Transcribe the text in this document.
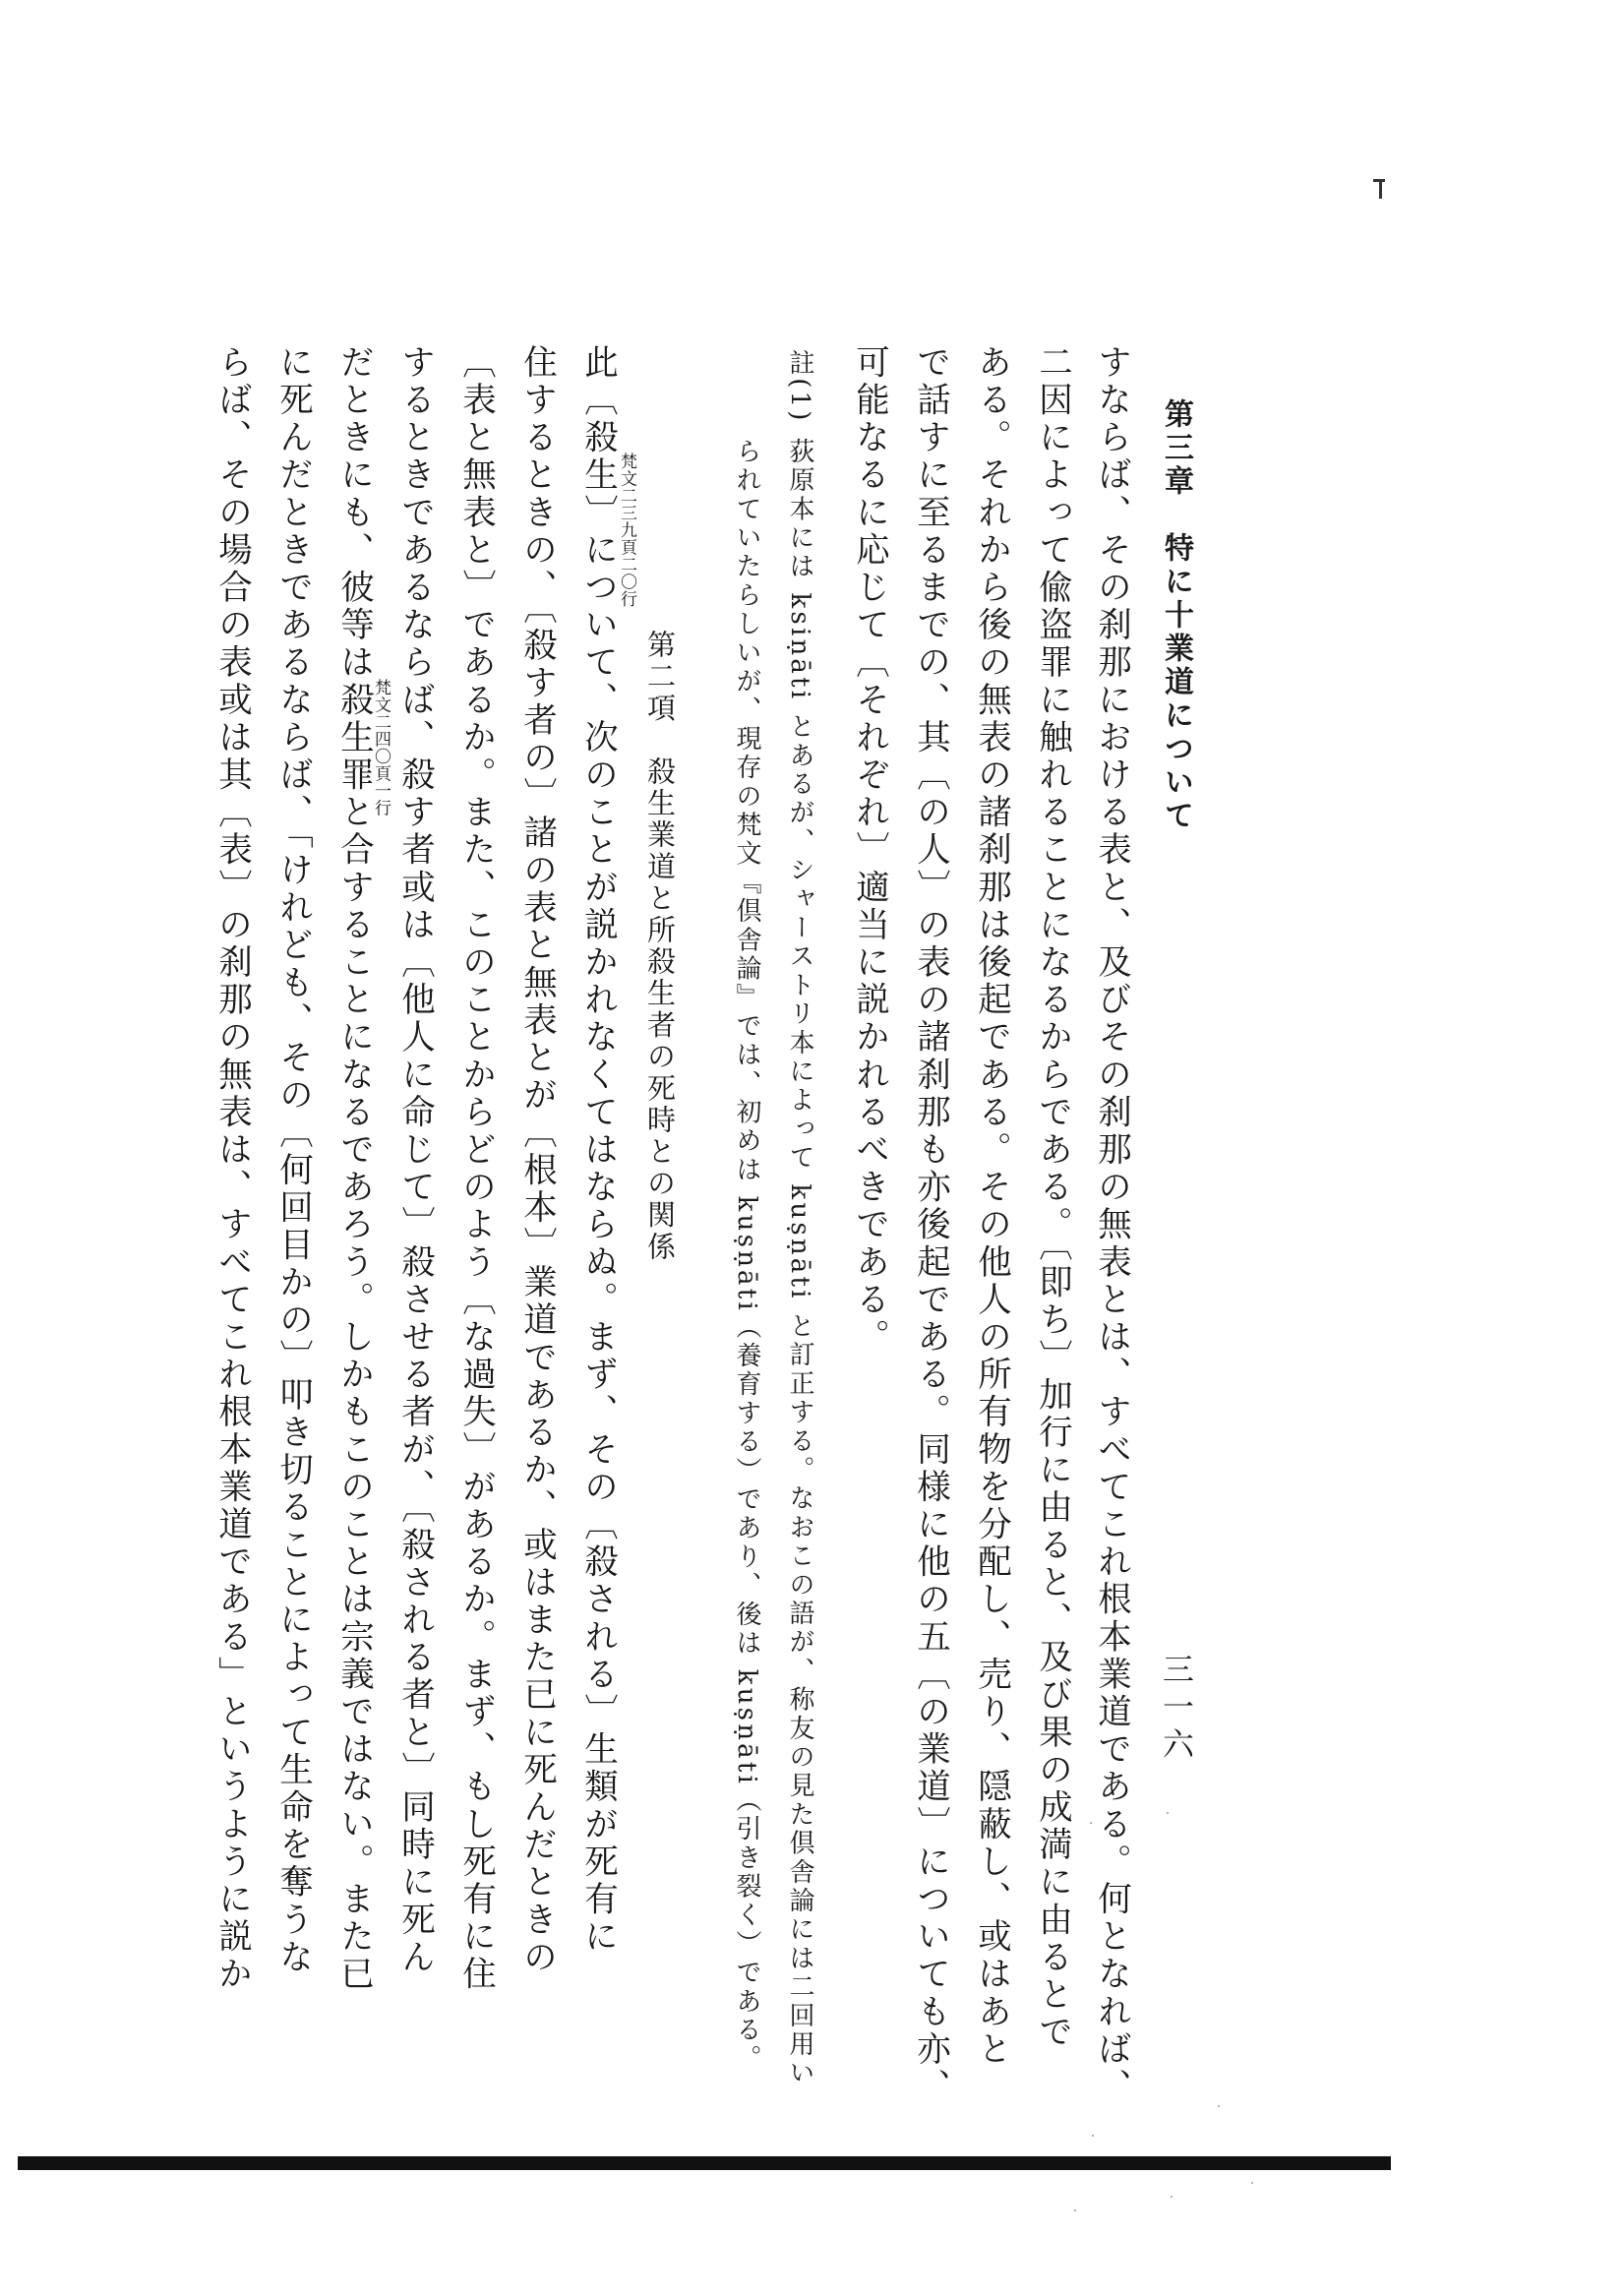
第三章　特に十業道について
三一六
すならば、その刹那における表と、及びその刹那の無表とは、すべてこれ根本業道である。何となれば、
二因によって偸盗罪に触れることになるからである。〔即ち〕加行に由ると、及び果の成満に由るとで
ある。それから後の無表の諸刹那は後起である。その他人の所有物を分配し、売り、隠蔽し、或はあと
で話すに至るまでの、其〔の人〕の表の諸刹那も亦後起である。同様に他の五〔の業道〕についても亦、
可能なるに応じて〔それぞれ〕適当に説かれるべきである。
註(1)
荻原本には ksiṇāti とあるが、シャーストリ本によって kuṣṇāti と訂正する。なおこの語が、称友の見た倶舎論には二回用い
られていたらしいが、現存の梵文『倶舎論』では、初めは kuṣṇāti（養育する）であり、後は kuṣṇāti（引き裂く）である。
第二項　殺生業道と所殺生者の死時との関係
梵文二三九頁二〇行
此〔殺生〕について、次のことが説かれなくてはならぬ。まず、その〔殺される〕生類が死有に
住するときの、〔殺す者の〕諸の表と無表とが〔根本〕業道であるか、或はまた已に死んだときの
〔表と無表と〕であるか。また、このことからどのよう〔な過失〕があるか。まず、もし死有に住
するときであるならば、殺す者或は〔他人に命じて〕殺させる者が、〔殺される者と〕同時に死ん
梵文二四〇頁一行
だときにも、彼等は殺生罪と合することになるであろう。しかもこのことは宗義ではない。また已
に死んだときであるならば、「けれども、その〔何回目かの〕叩き切ることによって生命を奪うな
らば、その場合の表或は其〔表〕の刹那の無表は、すべてこれ根本業道である」というように説か
